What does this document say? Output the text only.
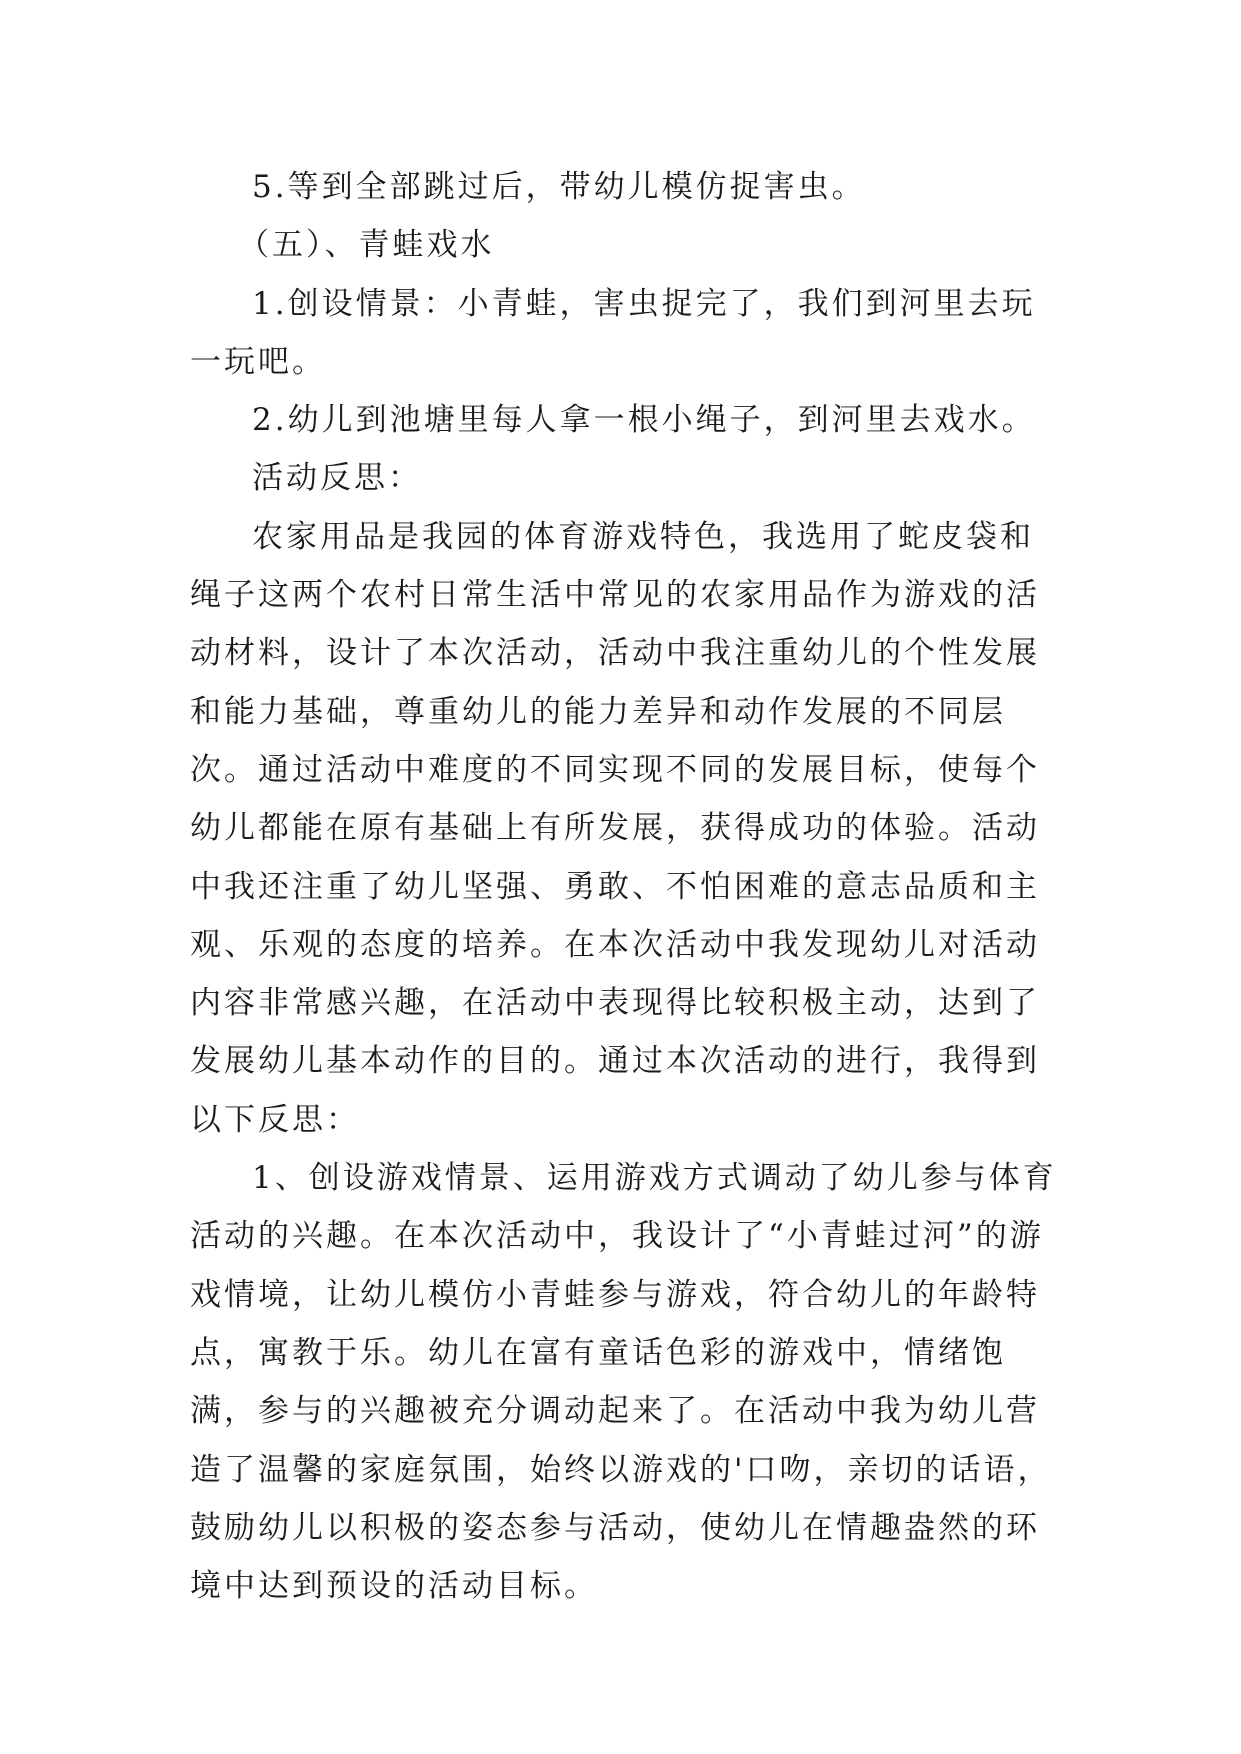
5.等到全部跳过后，带幼儿模仿捉害虫。

（五）、青蛙戏水

1.创设情景：小青蛙，害虫捉完了，我们到河里去玩一玩吧。

2.幼儿到池塘里每人拿一根小绳子，到河里去戏水。

活动反思：

农家用品是我园的体育游戏特色，我选用了蛇皮袋和绳子这两个农村日常生活中常见的农家用品作为游戏的活动材料，设计了本次活动，活动中我注重幼儿的个性发展和能力基础，尊重幼儿的能力差异和动作发展的不同层次。通过活动中难度的不同实现不同的发展目标，使每个幼儿都能在原有基础上有所发展，获得成功的体验。活动中我还注重了幼儿坚强、勇敢、不怕困难的意志品质和主观、乐观的态度的培养。在本次活动中我发现幼儿对活动内容非常感兴趣，在活动中表现得比较积极主动，达到了发展幼儿基本动作的目的。通过本次活动的进行，我得到以下反思：

1、创设游戏情景、运用游戏方式调动了幼儿参与体育活动的兴趣。在本次活动中，我设计了“小青蛙过河”的游戏情境，让幼儿模仿小青蛙参与游戏，符合幼儿的年龄特点，寓教于乐。幼儿在富有童话色彩的游戏中，情绪饱满，参与的兴趣被充分调动起来了。在活动中我为幼儿营造了温馨的家庭氛围，始终以游戏的'口吻，亲切的话语，鼓励幼儿以积极的姿态参与活动，使幼儿在情趣盎然的环境中达到预设的活动目标。
